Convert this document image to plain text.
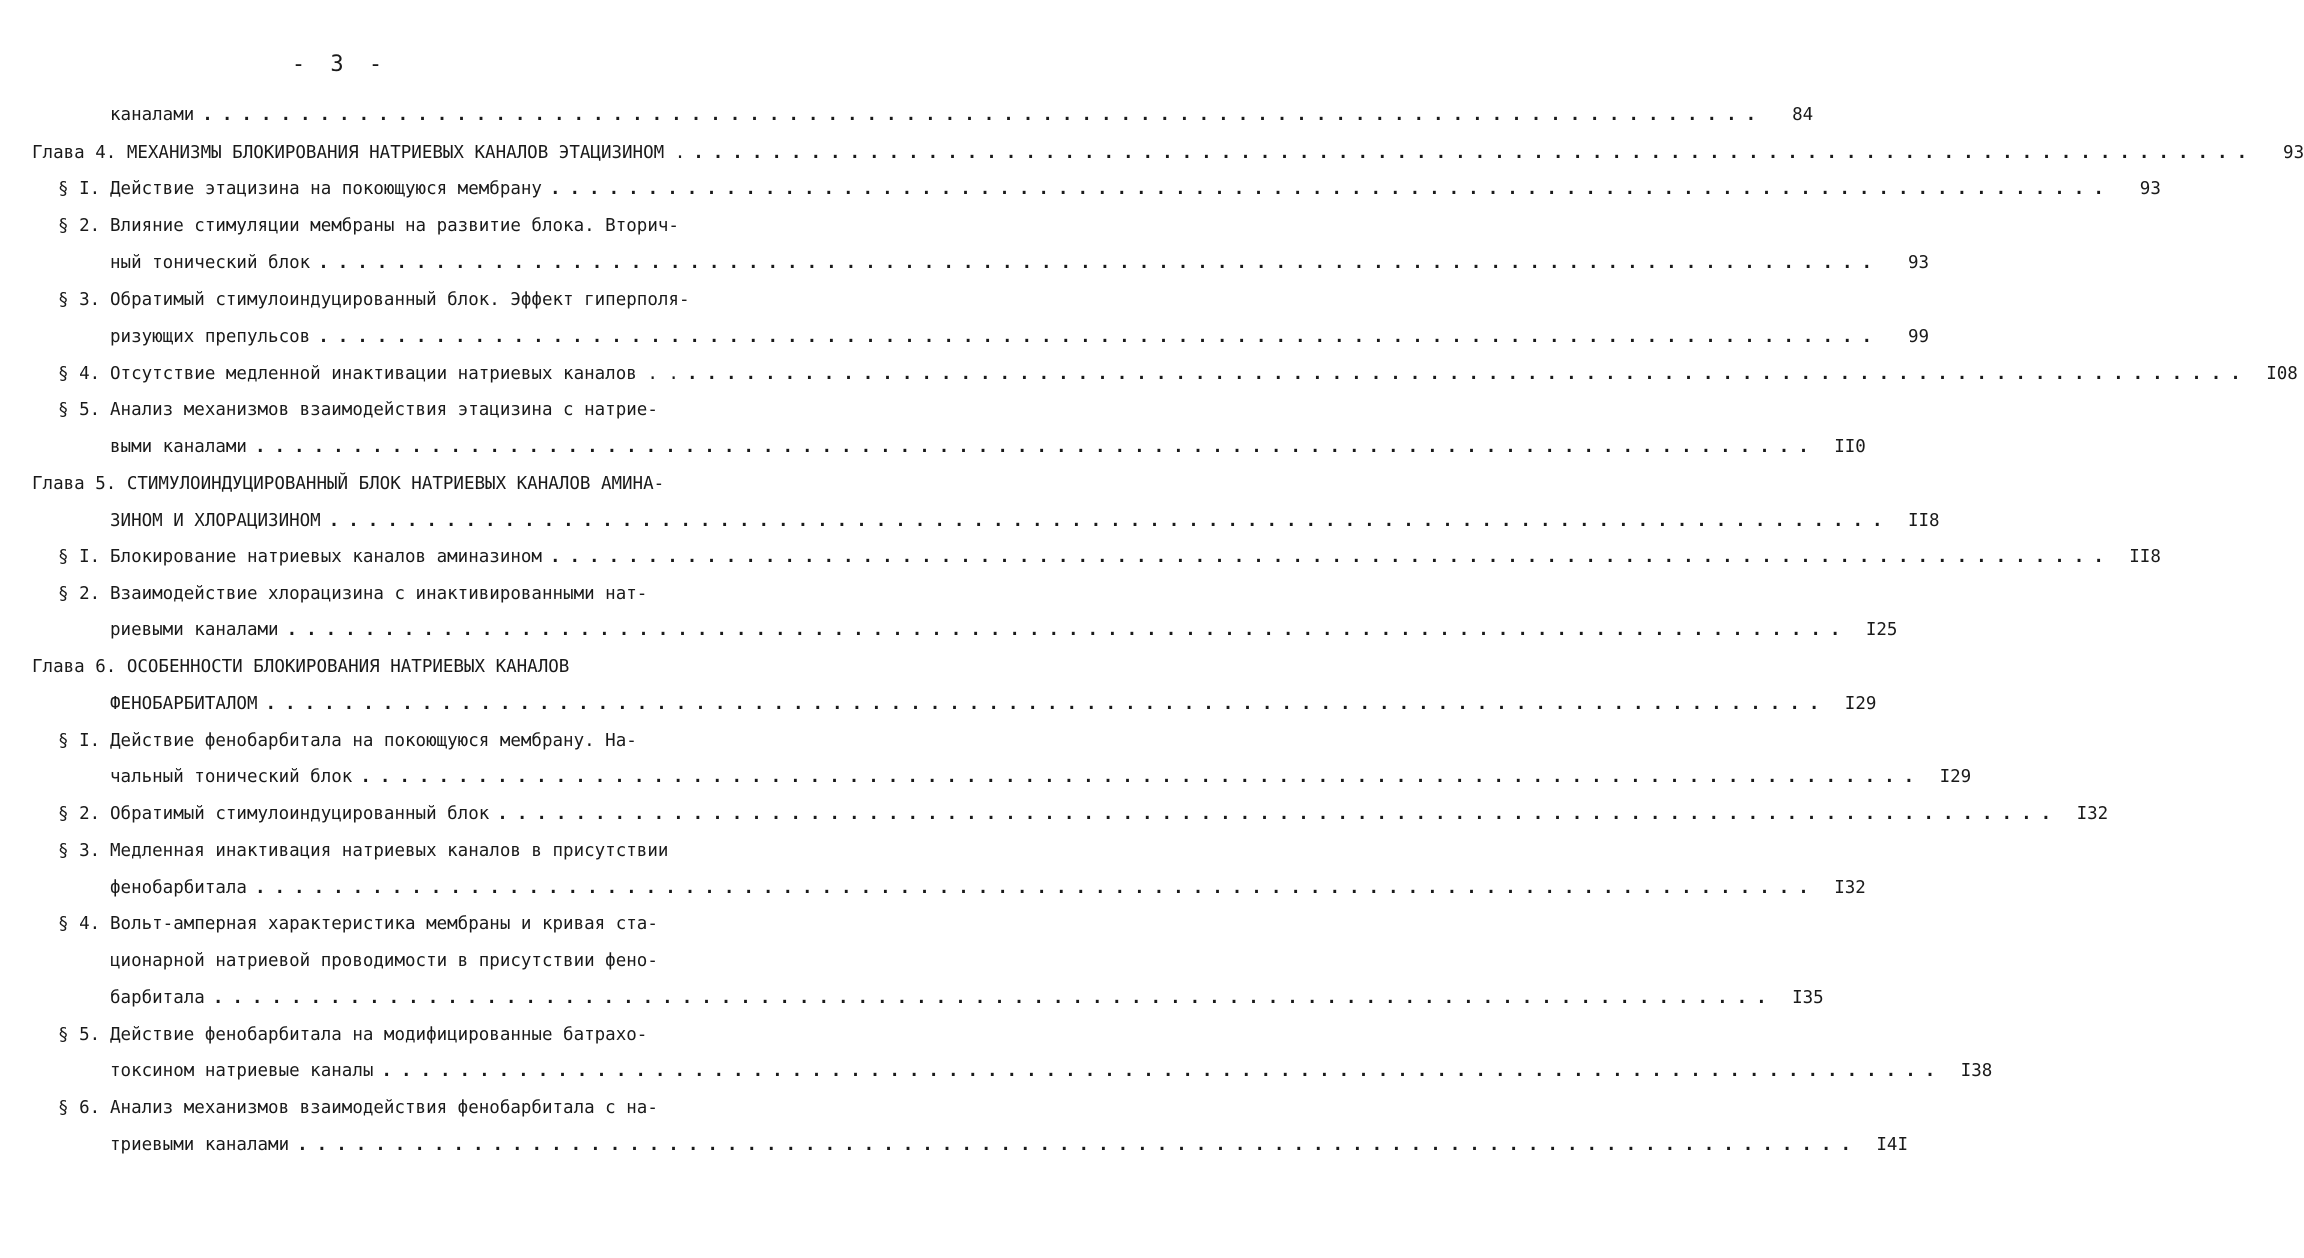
- 3 -
каналами ................................................................................	84
Глава 4. МЕХАНИЗМЫ БЛОКИРОВАНИЯ НАТРИЕВЫХ КАНАЛОВ ЭТАЦИЗИНОМ . ................................................................................	93
§ I. Действие этацизина на покоющуюся мембрану ................................................................................	93
§ 2. Влияние стимуляции мембраны на развитие блока. Вторич-
ный тонический блок ................................................................................	93
§ 3. Обратимый стимулоиндуцированный блок. Эффект гиперполя-
ризующих препульсов ................................................................................	99
§ 4. Отсутствие медленной инактивации натриевых каналов . . ................................................................................ I08
§ 5. Анализ механизмов взаимодействия этацизина с натрие-
выми каналами ................................................................................ II0
Глава 5. СТИМУЛОИНДУЦИРОВАННЫЙ БЛОК НАТРИЕВЫХ КАНАЛОВ АМИНА-
ЗИНОМ И ХЛОРАЦИЗИНОМ ................................................................................ II8
§ I. Блокирование натриевых каналов аминазином ................................................................................ II8
§ 2. Взаимодействие хлорацизина с инактивированными нат-
риевыми каналами ................................................................................ I25
Глава 6. ОСОБЕННОСТИ БЛОКИРОВАНИЯ НАТРИЕВЫХ КАНАЛОВ
ФЕНОБАРБИТАЛОМ ................................................................................ I29
§ I. Действие фенобарбитала на покоющуюся мембрану. На-
чальный тонический блок ................................................................................ I29
§ 2. Обратимый стимулоиндуцированный блок ................................................................................ I32
§ 3. Медленная инактивация натриевых каналов в присутствии
фенобарбитала ................................................................................ I32
§ 4. Вольт-амперная характеристика мембраны и кривая ста-
ционарной натриевой проводимости в присутствии фено-
барбитала ................................................................................ I35
§ 5. Действие фенобарбитала на модифицированные батрахо-
токсином натриевые каналы ................................................................................ I38
§ 6. Анализ механизмов взаимодействия фенобарбитала с на-
триевыми каналами ................................................................................ I4I
